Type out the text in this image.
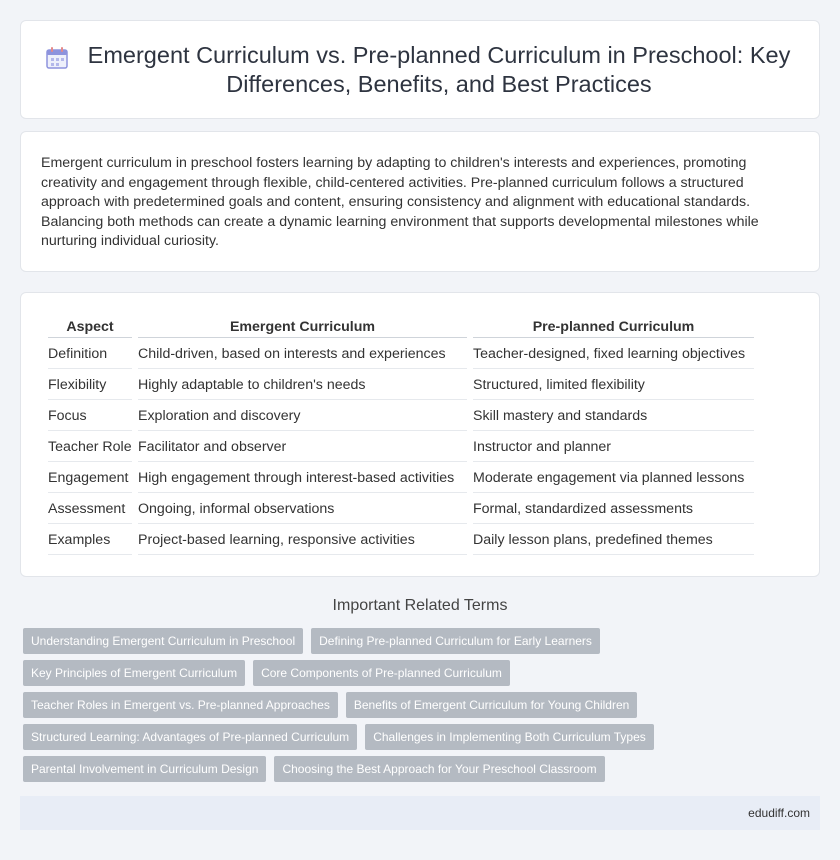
Emergent Curriculum vs. Pre-planned Curriculum in Preschool: Key Differences, Benefits, and Best Practices

Emergent curriculum in preschool fosters learning by adapting to children's interests and experiences, promoting creativity and engagement through flexible, child-centered activities. Pre-planned curriculum follows a structured approach with predetermined goals and content, ensuring consistency and alignment with educational standards. Balancing both methods can create a dynamic learning environment that supports developmental milestones while nurturing individual curiosity.

Aspect	Emergent Curriculum	Pre-planned Curriculum
Definition	Child-driven, based on interests and experiences	Teacher-designed, fixed learning objectives
Flexibility	Highly adaptable to children's needs	Structured, limited flexibility
Focus	Exploration and discovery	Skill mastery and standards
Teacher Role	Facilitator and observer	Instructor and planner
Engagement	High engagement through interest-based activities	Moderate engagement via planned lessons
Assessment	Ongoing, informal observations	Formal, standardized assessments
Examples	Project-based learning, responsive activities	Daily lesson plans, predefined themes
Important Related Terms
Understanding Emergent Curriculum in Preschool	Defining Pre-planned Curriculum for Early Learners
Key Principles of Emergent Curriculum	Core Components of Pre-planned Curriculum
Teacher Roles in Emergent vs. Pre-planned Approaches	Benefits of Emergent Curriculum for Young Children
Structured Learning: Advantages of Pre-planned Curriculum	Challenges in Implementing Both Curriculum Types
Parental Involvement in Curriculum Design	Choosing the Best Approach for Your Preschool Classroom
edudiff.com
